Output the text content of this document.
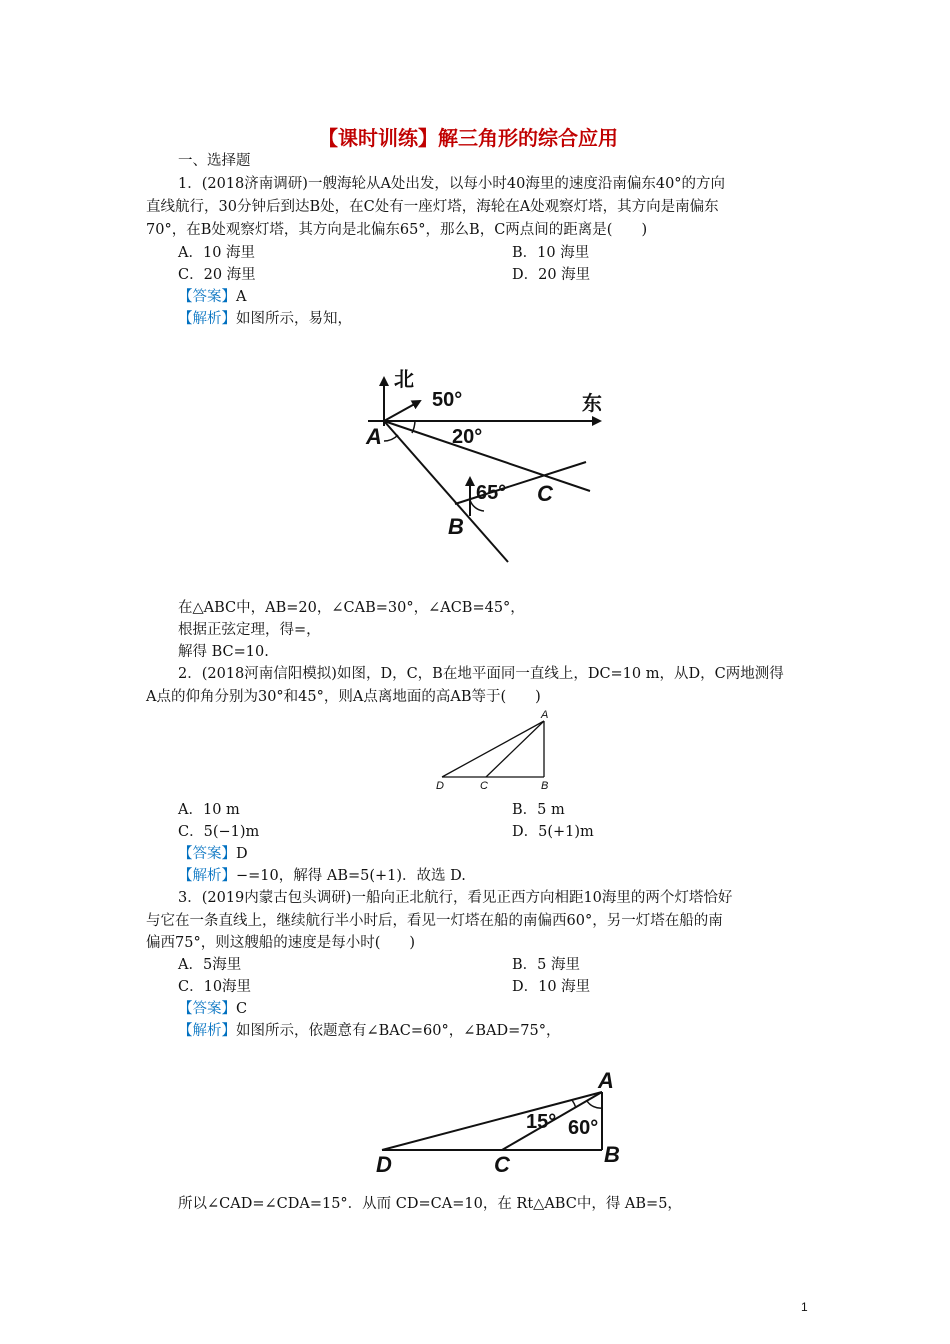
【课时训练】解三角形的综合应用
一、选择题
1．(2018济南调研)一艘海轮从A处出发，以每小时40海里的速度沿南偏东40°的方向
直线航行，30分钟后到达B处，在C处有一座灯塔，海轮在A处观察灯塔，其方向是南偏东
70°，在B处观察灯塔，其方向是北偏东65°，那么B，C两点间的距离是(　　)
A．10 海里	B．10 海里
C．20 海里	D．20 海里
【答案】A
【解析】如图所示，易知，
北
东
50°
20°
65°
A
B
C
在△ABC中，AB=20，∠CAB=30°，∠ACB=45°，
根据正弦定理，得=，
解得 BC=10.
2．(2018河南信阳模拟)如图，D，C，B在地平面同一直线上，DC=10 m，从D，C两地测得
A点的仰角分别为30°和45°，则A点离地面的高AB等于(　　)
A
B
C
D
A．10 m	B．5 m
C．5(−1)m	D．5(+1)m
【答案】D
【解析】−=10，解得 AB=5(+1)．故选 D.
3．(2019内蒙古包头调研)一船向正北航行，看见正西方向相距10海里的两个灯塔恰好
与它在一条直线上，继续航行半小时后，看见一灯塔在船的南偏西60°，另一灯塔在船的南
偏西75°，则这艘船的速度是每小时(　　)
A．5海里	B．5 海里
C．10海里	D．10 海里
【答案】C
【解析】如图所示，依题意有∠BAC=60°，∠BAD=75°，
A
B
C
D
15° 60°
所以∠CAD=∠CDA=15°．从而 CD=CA=10，在 Rt△ABC中，得 AB=5，
1
